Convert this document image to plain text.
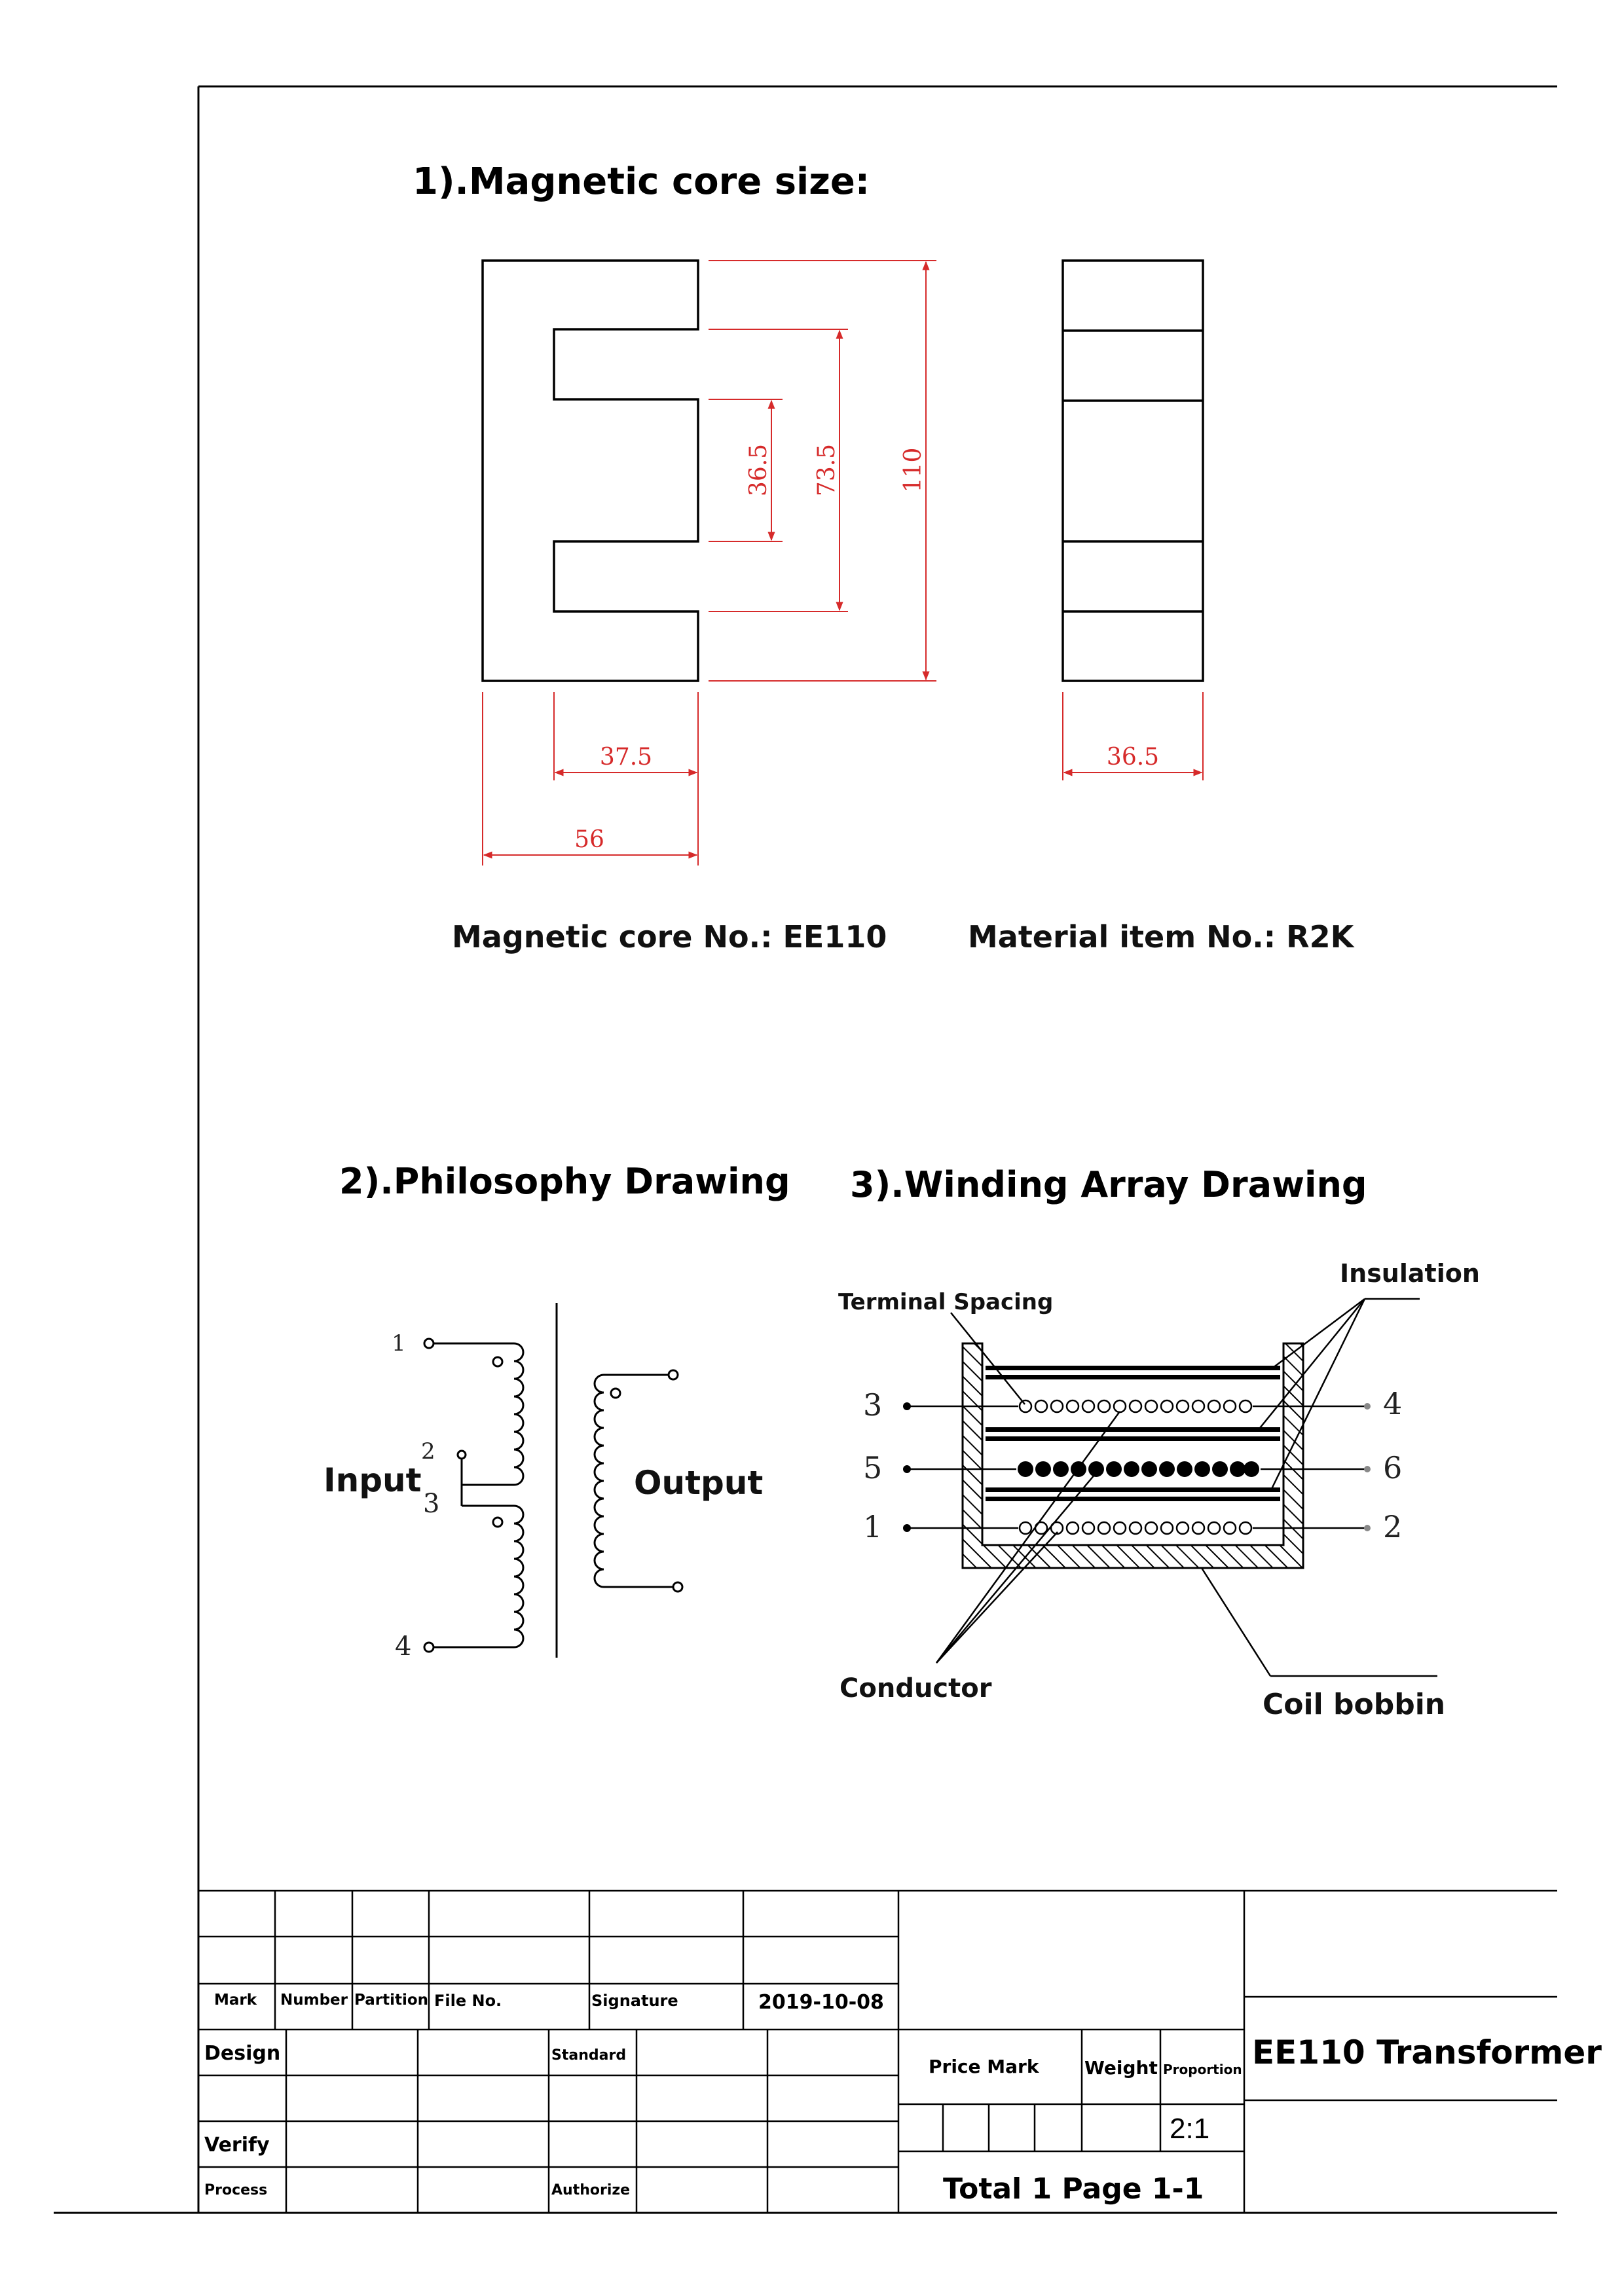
1).Magnetic core size:
36.5 73.5	110
37.5
56
36.5
Magnetic core No.: EE110	Material item No.: R2K
2).Philosophy Drawing
1
2
3
4
Input	Output
3).Winding Array Drawing
Insulation
Terminal Spacing
Conductor	Coil bobbin
3
5
1
4
6
2
Mark Number Partition File No.	Signature	2019-10-08
Design	Standard
Verify
Process	Authorize
Price Mark Weight Proportion
2:1
Total 1 Page 1-1
EE110 Transformer
